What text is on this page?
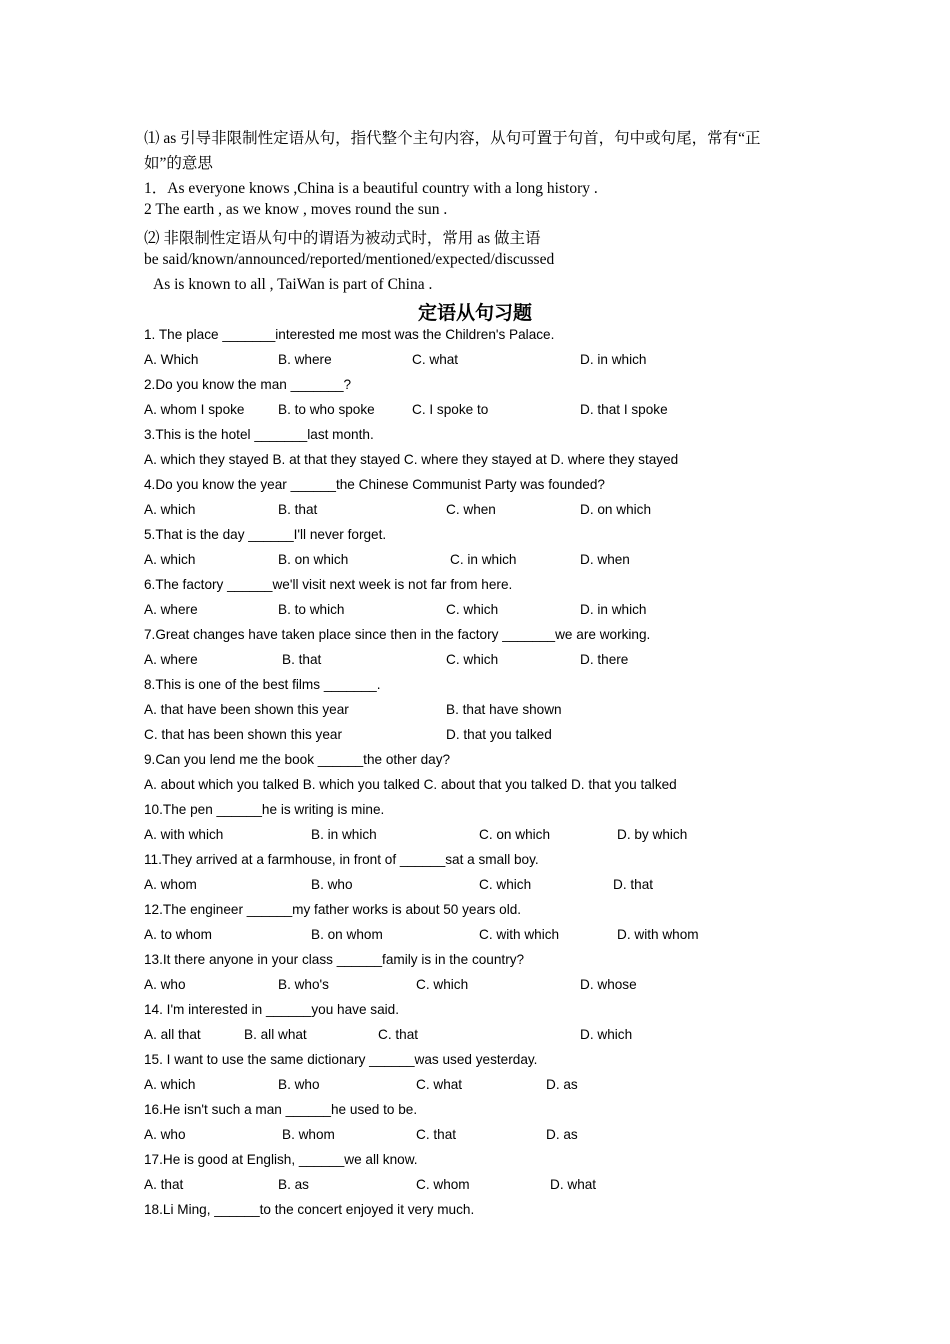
⑴ as 引导非限制性定语从句，指代整个主句内容，从句可置于句首，句中或句尾，常有“正
如”的意思
1．As everyone knows ,China is a beautiful country with a long history .
2 The earth , as we know , moves round the sun .
⑵ 非限制性定语从句中的谓语为被动式时，常用 as 做主语
be said/known/announced/reported/mentioned/expected/discussed
As is known to all , TaiWan is part of China .
定语从句习题
1. The place _______interested me most was the Children's Palace.
A. Which	B. where	C. what	D. in which
2.Do you know the man _______?
A. whom I spoke B. to who spoke	C. I spoke to	D. that I spoke
3.This is the hotel _______last month.
A. which they stayed B. at that they stayed C. where they stayed at D. where they stayed
4.Do you know the year ______the Chinese Communist Party was founded?
A. which	B. that	C. when	D. on which
5.That is the day ______I'll never forget.
A. which	B. on which	C. in which	D. when
6.The factory ______we'll visit next week is not far from here.
A. where	B. to which	C. which	D. in which
7.Great changes have taken place since then in the factory _______we are working.
A. where	B. that	C. which	D. there
8.This is one of the best films _______.
A. that have been shown this year	B. that have shown
C. that has been shown this year	D. that you talked
9.Can you lend me the book ______the other day?
A. about which you talked B. which you talked C. about that you talked D. that you talked
10.The pen ______he is writing is mine.
A. with which	B. in which	C. on which	D. by which
11.They arrived at a farmhouse, in front of ______sat a small boy.
A. whom	B. who	C. which	D. that
12.The engineer ______my father works is about 50 years old.
A. to whom	B. on whom	C. with which	D. with whom
13.It there anyone in your class ______family is in the country?
A. who	B. who's	C. which	D. whose
14. I'm interested in ______you have said.
A. all that	B. all what	C. that	D. which
15. I want to use the same dictionary ______was used yesterday.
A. which	B. who	C. what	D. as
16.He isn't such a man ______he used to be.
A. who	B. whom	C. that	D. as
17.He is good at English, ______we all know.
A. that	B. as	C. whom	D. what
18.Li Ming, ______to the concert enjoyed it very much.
